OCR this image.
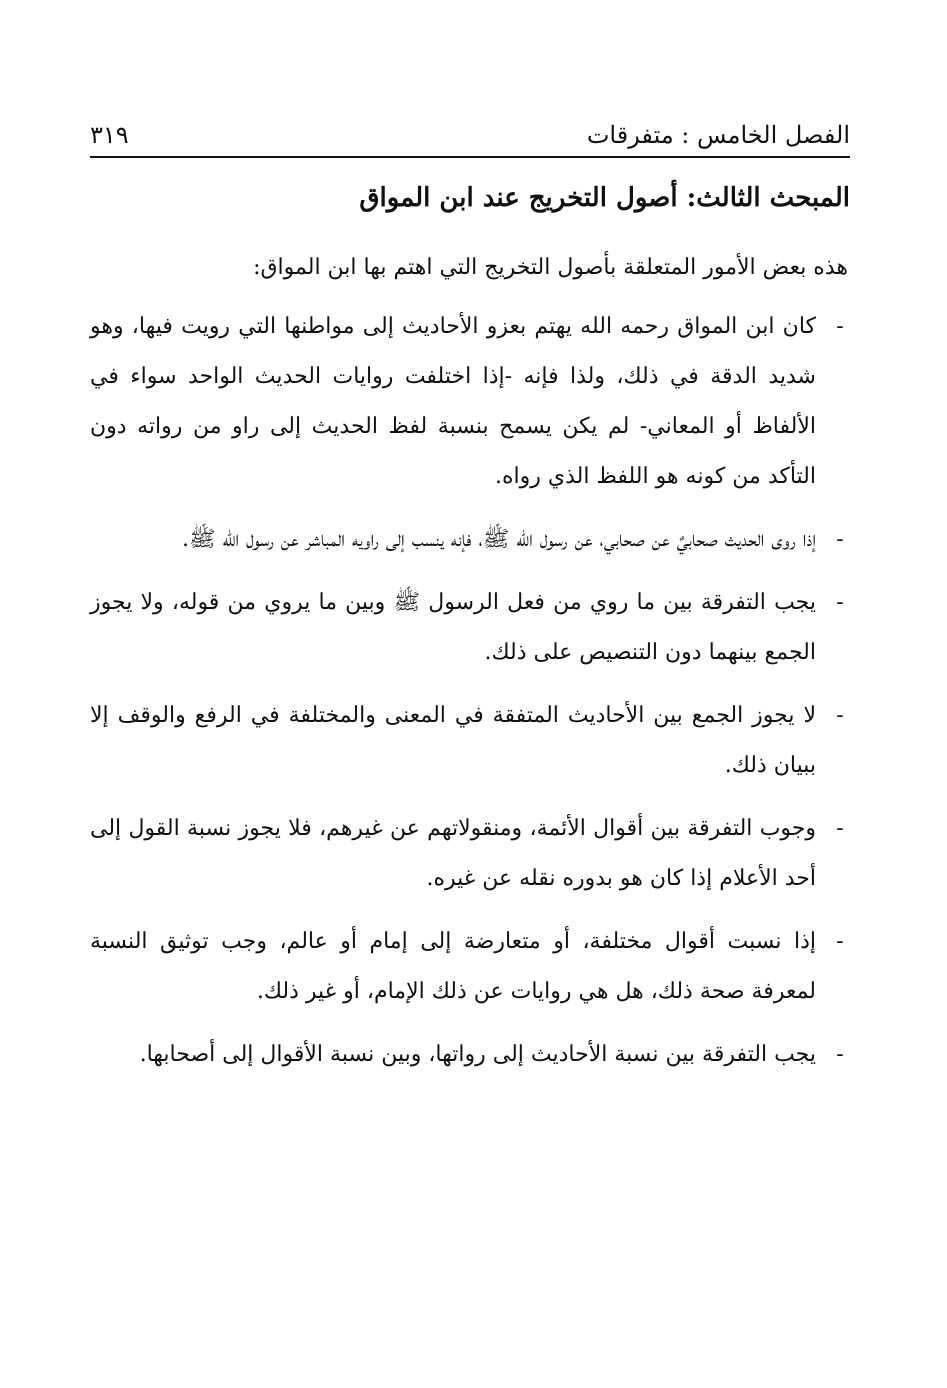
الفصل الخامس : متفرقات
٣١٩
المبحث الثالث: أصول التخريج عند ابن المواق
هذه بعض الأمور المتعلقة بأصول التخريج التي اهتم بها ابن المواق:
-
كان ابن المواق رحمه الله يهتم بعزو الأحاديث إلى مواطنها التي رويت فيها، وهو شديد الدقة في ذلك، ولذا فإنه -إذا اختلفت روايات الحديث الواحد سواء في الألفاظ أو المعاني- لم يكن يسمح بنسبة لفظ الحديث إلى راو من رواته دون التأكد من كونه هو اللفظ الذي رواه.
-
إذا روى الحديث صحابيٌ عن صحابي، عن رسول الله ﷺ، فإنه ينسب إلى راويه المباشر عن رسول الله ﷺ.
-
يجب التفرقة بين ما روي من فعل الرسول ﷺ وبين ما يروي من قوله، ولا يجوز الجمع بينهما دون التنصيص على ذلك.
-
لا يجوز الجمع بين الأحاديث المتفقة في المعنى والمختلفة في الرفع والوقف إلا ببيان ذلك.
-
وجوب التفرقة بين أقوال الأئمة، ومنقولاتهم عن غيرهم، فلا يجوز نسبة القول إلى أحد الأعلام إذا كان هو بدوره نقله عن غيره.
-
إذا نسبت أقوال مختلفة، أو متعارضة إلى إمام أو عالم، وجب توثيق النسبة لمعرفة صحة ذلك، هل هي روايات عن ذلك الإمام، أو غير ذلك.
-
يجب التفرقة بين نسبة الأحاديث إلى رواتها، وبين نسبة الأقوال إلى أصحابها.
